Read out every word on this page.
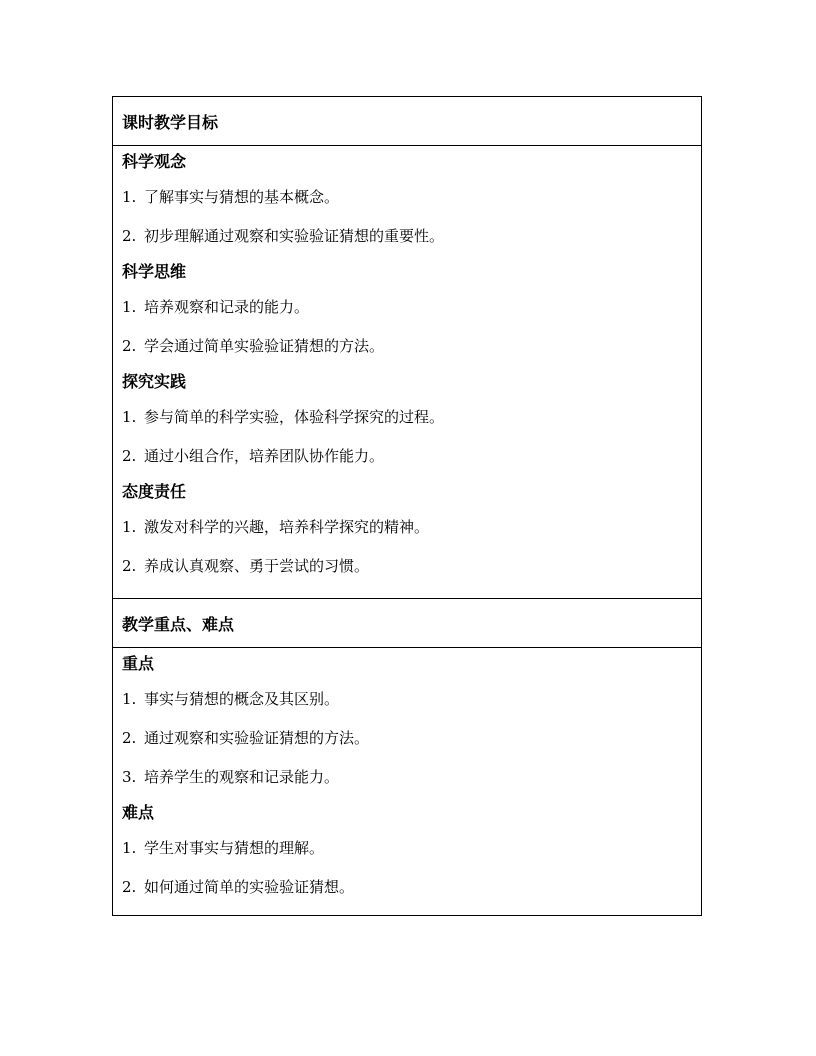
课时教学目标
科学观念
1. 了解事实与猜想的基本概念。
2. 初步理解通过观察和实验验证猜想的重要性。
科学思维
1. 培养观察和记录的能力。
2. 学会通过简单实验验证猜想的方法。
探究实践
1. 参与简单的科学实验，体验科学探究的过程。
2. 通过小组合作，培养团队协作能力。
态度责任
1. 激发对科学的兴趣，培养科学探究的精神。
2. 养成认真观察、勇于尝试的习惯。
教学重点、难点
重点
1. 事实与猜想的概念及其区别。
2. 通过观察和实验验证猜想的方法。
3. 培养学生的观察和记录能力。
难点
1. 学生对事实与猜想的理解。
2. 如何通过简单的实验验证猜想。
